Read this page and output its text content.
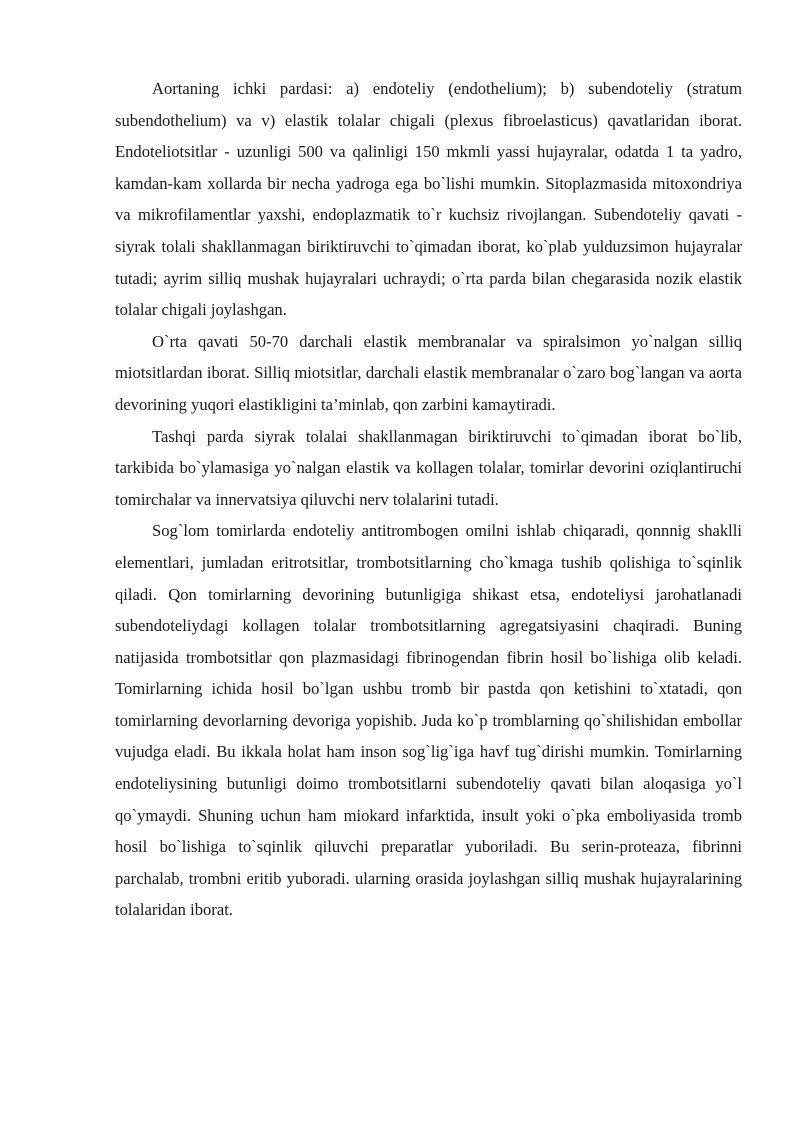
Aortaning ichki pardasi: a) endoteliy (endothelium); b) subendoteliy (stratum subendothelium) va v) elastik tolalar chigali (plexus fibroelasticus) qavatlaridan iborat. Endoteliotsitlar - uzunligi 500 va qalinligi 150 mkmli yassi hujayralar, odatda 1 ta yadro, kamdan-kam xollarda bir necha yadroga ega bo`lishi mumkin. Sitoplazmasida mitoxondriya va mikrofilamentlar yaxshi, endoplazmatik to`r kuchsiz rivojlangan. Subendoteliy qavati - siyrak tolali shakllanmagan biriktiruvchi to`qimadan iborat, ko`plab yulduzsimon hujayralar tutadi; ayrim silliq mushak hujayralari uchraydi; o`rta parda bilan chegarasida nozik elastik tolalar chigali joylashgan.

O`rta qavati 50-70 darchali elastik membranalar va spiralsimon yo`nalgan silliq miotsitlardan iborat. Silliq miotsitlar, darchali elastik membranalar o`zaro bog`langan va aorta devorining yuqori elastikligini ta’minlab, qon zarbini kamaytiradi.

Tashqi parda siyrak tolalai shakllanmagan biriktiruvchi to`qimadan iborat bo`lib, tarkibida bo`ylamasiga yo`nalgan elastik va kollagen tolalar, tomirlar devorini oziqlantiruchi tomirchalar va innervatsiya qiluvchi nerv tolalarini tutadi.

Sog`lom tomirlarda endoteliy antitrombogen omilni ishlab chiqaradi, qonnnig shaklli elementlari, jumladan eritrotsitlar, trombotsitlarning cho`kmaga tushib qolishiga to`sqinlik qiladi. Qon tomirlarning devorining butunligiga shikast etsa, endoteliysi jarohatlanadi subendoteliydagi kollagen tolalar trombotsitlarning agregatsiyasini chaqiradi. Buning natijasida trombotsitlar qon plazmasidagi fibrinogendan fibrin hosil bo`lishiga olib keladi. Tomirlarning ichida hosil bo`lgan ushbu tromb bir pastda qon ketishini to`xtatadi, qon tomirlarning devorlarning devoriga yopishib. Juda ko`p tromblarning qo`shilishidan embollar vujudga eladi. Bu ikkala holat ham inson sog`lig`iga havf tug`dirishi mumkin. Tomirlarning endoteliysining butunligi doimo trombotsitlarni subendoteliy qavati bilan aloqasiga yo`l qo`ymaydi. Shuning uchun ham miokard infarktida, insult yoki o`pka emboliyasida tromb hosil bo`lishiga to`sqinlik qiluvchi preparatlar yuboriladi. Bu serin-proteaza, fibrinni parchalab, trombni eritib yuboradi. ularning orasida joylashgan silliq mushak hujayralarining tolalaridan iborat.
